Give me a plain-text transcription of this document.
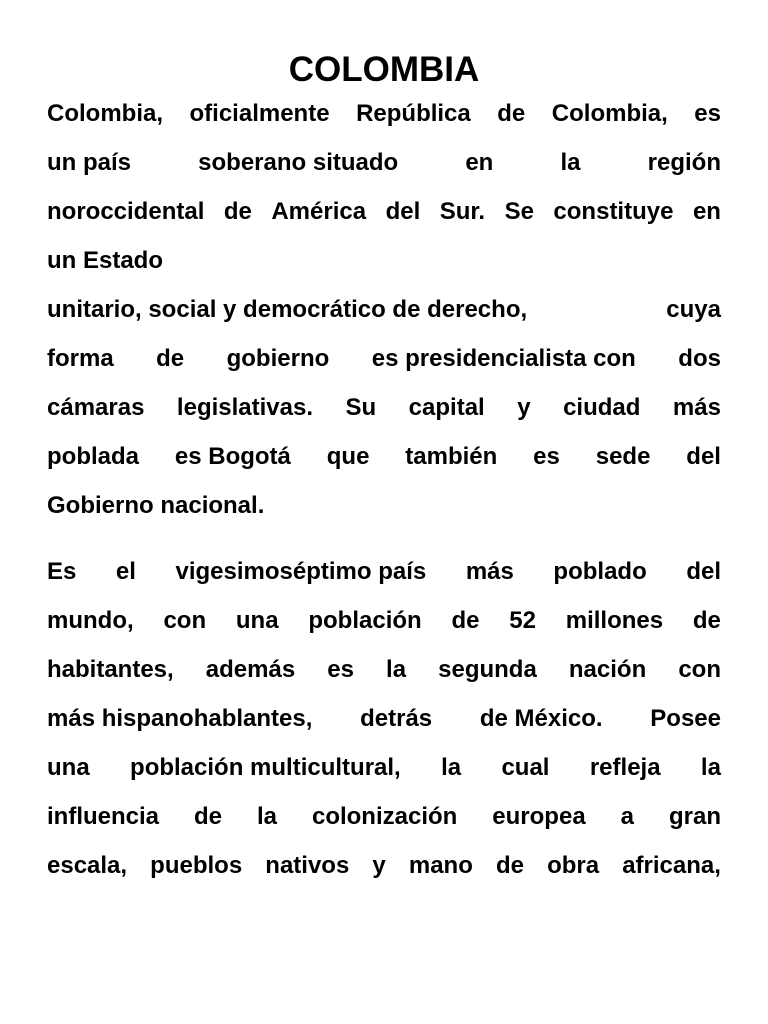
COLOMBIA
Colombia, oficialmente República de Colombia, es
un país	soberano situado	en	la	región
noroccidental de América del Sur. Se constituye en
un Estado
unitario, social y democrático de derecho,	cuya
forma de gobierno es presidencialista con dos
cámaras legislativas. Su capital y ciudad más
poblada es Bogotá que también es sede del
Gobierno nacional.
Es el vigesimoséptimo país más poblado del
mundo, con una población de 52 millones de
habitantes, además es la segunda nación con
más hispanohablantes, detrás de México. Posee
una población multicultural, la cual refleja la
influencia de la colonización europea a gran
escala, pueblos nativos y mano de obra africana,
